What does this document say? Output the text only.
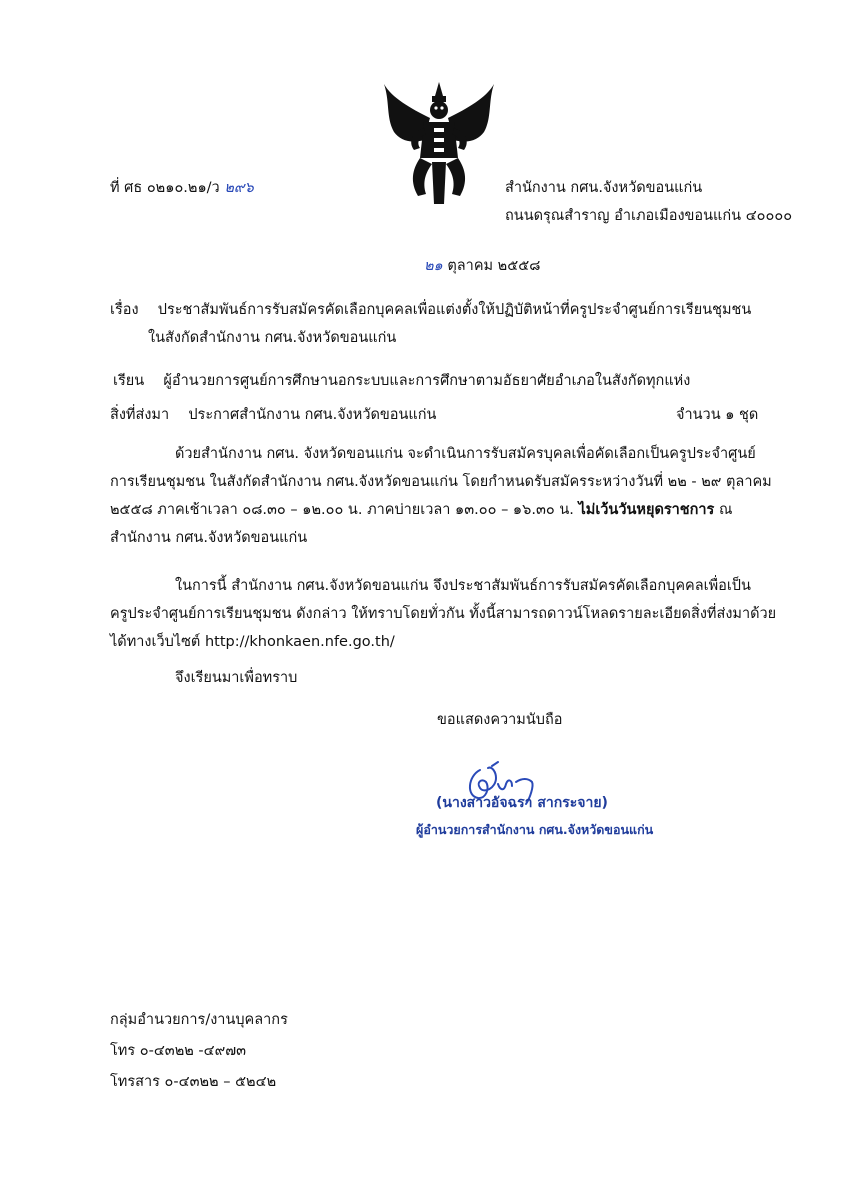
ที่ ศธ ๐๒๑๐.๒๑/ว ๒๙๖	สำนักงาน กศน.จังหวัดขอนแก่น
ถนนดรุณสำราญ อำเภอเมืองขอนแก่น ๔๐๐๐๐
๒๑ ตุลาคม ๒๕๕๘
เรื่อง ประชาสัมพันธ์การรับสมัครคัดเลือกบุคคลเพื่อแต่งตั้งให้ปฏิบัติหน้าที่ครูประจำศูนย์การเรียนชุมชน
ในสังกัดสำนักงาน กศน.จังหวัดขอนแก่น
เรียน ผู้อำนวยการศูนย์การศึกษานอกระบบและการศึกษาตามอัธยาศัยอำเภอในสังกัดทุกแห่ง
สิ่งที่ส่งมา ประกาศสำนักงาน กศน.จังหวัดขอนแก่น	จำนวน ๑ ชุด

ด้วยสำนักงาน กศน. จังหวัดขอนแก่น จะดำเนินการรับสมัครบุคลเพื่อคัดเลือกเป็นครูประจำศูนย์

การเรียนชุมชน ในสังกัดสำนักงาน กศน.จังหวัดขอนแก่น โดยกำหนดรับสมัครระหว่างวันที่ ๒๒ - ๒๙ ตุลาคม

๒๕๕๘ ภาคเช้าเวลา ๐๘.๓๐ – ๑๒.๐๐ น. ภาคบ่ายเวลา ๑๓.๐๐ – ๑๖.๓๐ น. ไม่เว้นวันหยุดราชการ ณ

สำนักงาน กศน.จังหวัดขอนแก่น

ในการนี้ สำนักงาน กศน.จังหวัดขอนแก่น จึงประชาสัมพันธ์การรับสมัครคัดเลือกบุคคลเพื่อเป็น

ครูประจำศูนย์การเรียนชุมชน ดังกล่าว ให้ทราบโดยทั่วกัน ทั้งนี้สามารถดาวน์โหลดรายละเอียดสิ่งที่ส่งมาด้วย

ได้ทางเว็บไซต์ http://khonkaen.nfe.go.th/

จึงเรียนมาเพื่อทราบ
ขอแสดงความนับถือ
(นางสาวอัจฉรา สากระจาย)
ผู้อำนวยการสำนักงาน กศน.จังหวัดขอนแก่น
กลุ่มอำนวยการ/งานบุคลากร
โทร ๐-๔๓๒๒ -๔๙๗๓
โทรสาร ๐-๔๓๒๒ – ๕๒๔๒
